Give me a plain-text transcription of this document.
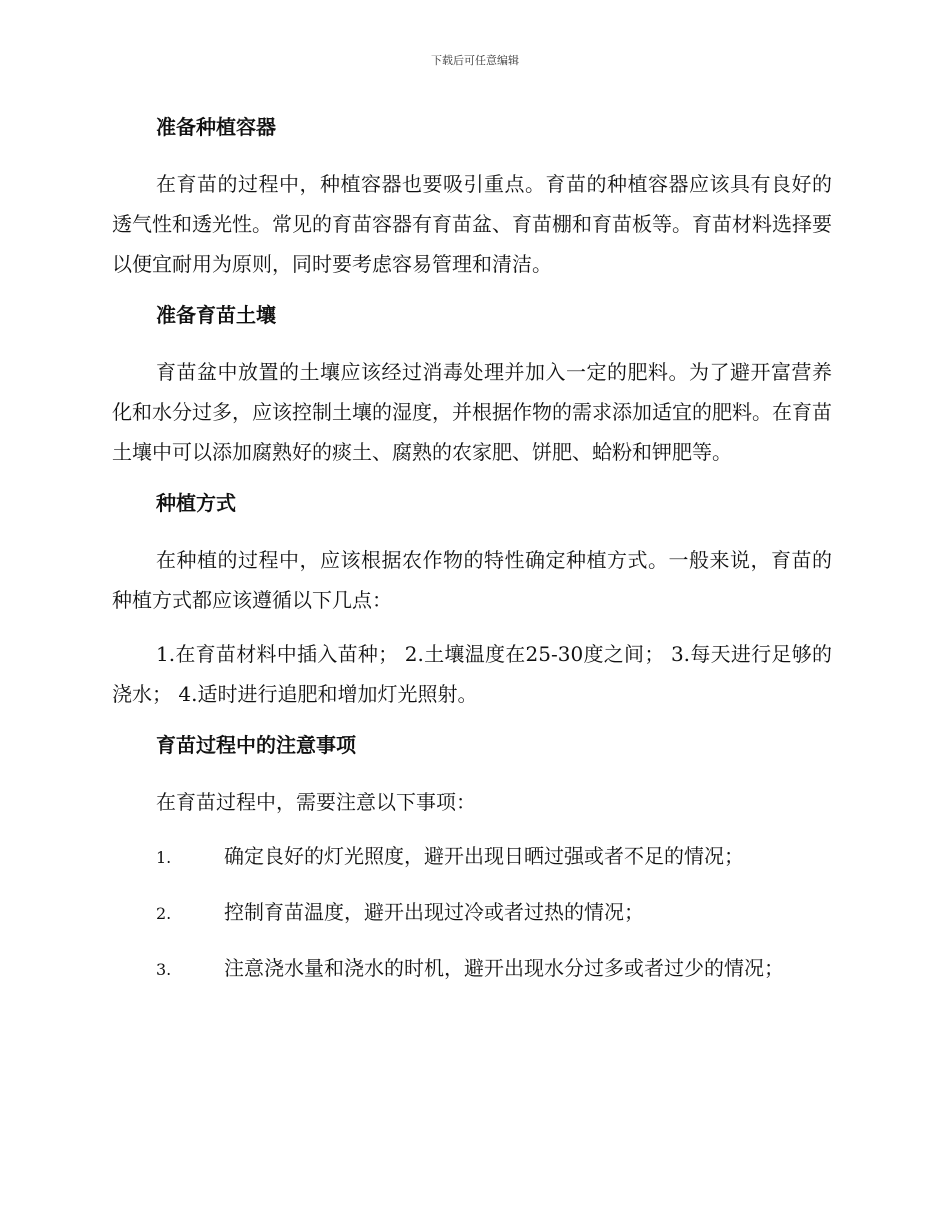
下载后可任意编辑
准备种植容器

在育苗的过程中，种植容器也要吸引重点。育苗的种植容器应该具有良好的透气性和透光性。常见的育苗容器有育苗盆、育苗棚和育苗板等。育苗材料选择要以便宜耐用为原则，同时要考虑容易管理和清洁。

准备育苗土壤

育苗盆中放置的土壤应该经过消毒处理并加入一定的肥料。为了避开富营养化和水分过多，应该控制土壤的湿度，并根据作物的需求添加适宜的肥料。在育苗土壤中可以添加腐熟好的痰土、腐熟的农家肥、饼肥、蛤粉和钾肥等。

种植方式

在种植的过程中，应该根据农作物的特性确定种植方式。一般来说，育苗的种植方式都应该遵循以下几点：

1.在育苗材料中插入苗种； 2.土壤温度在25-30度之间； 3.每天进行足够的浇水； 4.适时进行追肥和增加灯光照射。

育苗过程中的注意事项

在育苗过程中，需要注意以下事项：

1.	确定良好的灯光照度，避开出现日晒过强或者不足的情况；
2.	控制育苗温度，避开出现过冷或者过热的情况；
3.	注意浇水量和浇水的时机，避开出现水分过多或者过少的情况；
